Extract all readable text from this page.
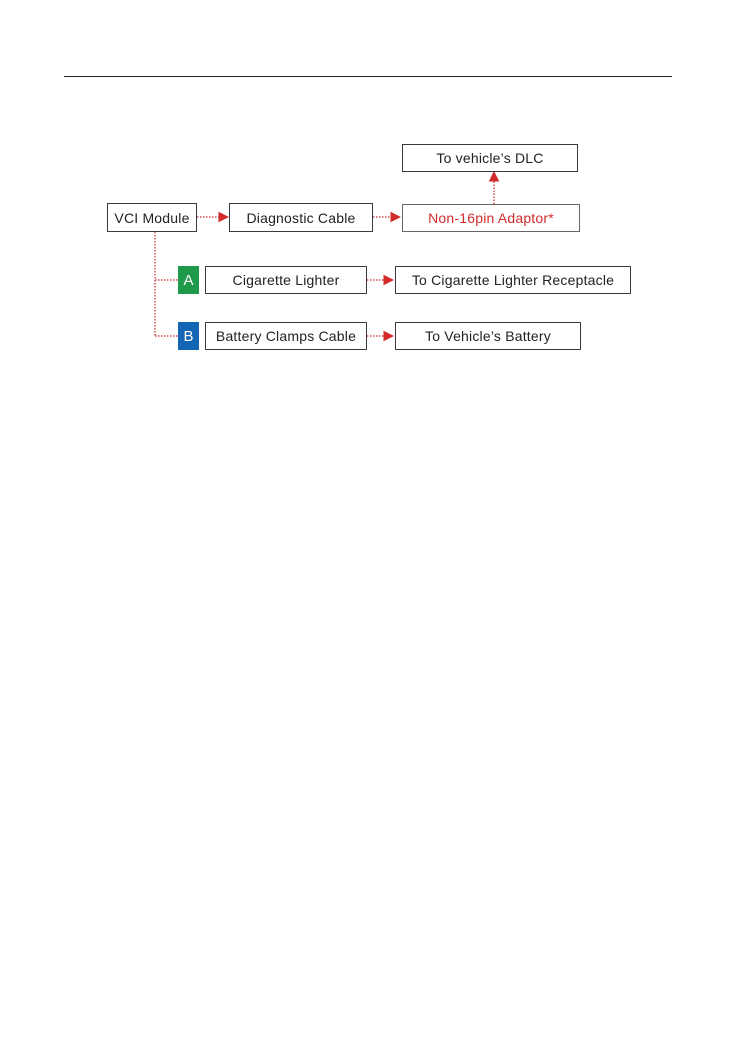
To vehicle’s DLC
VCI Module	Diagnostic Cable	Non-16pin Adaptor*
A	Cigarette Lighter	To Cigarette Lighter Receptacle
B	Battery Clamps Cable	To Vehicle’s Battery
